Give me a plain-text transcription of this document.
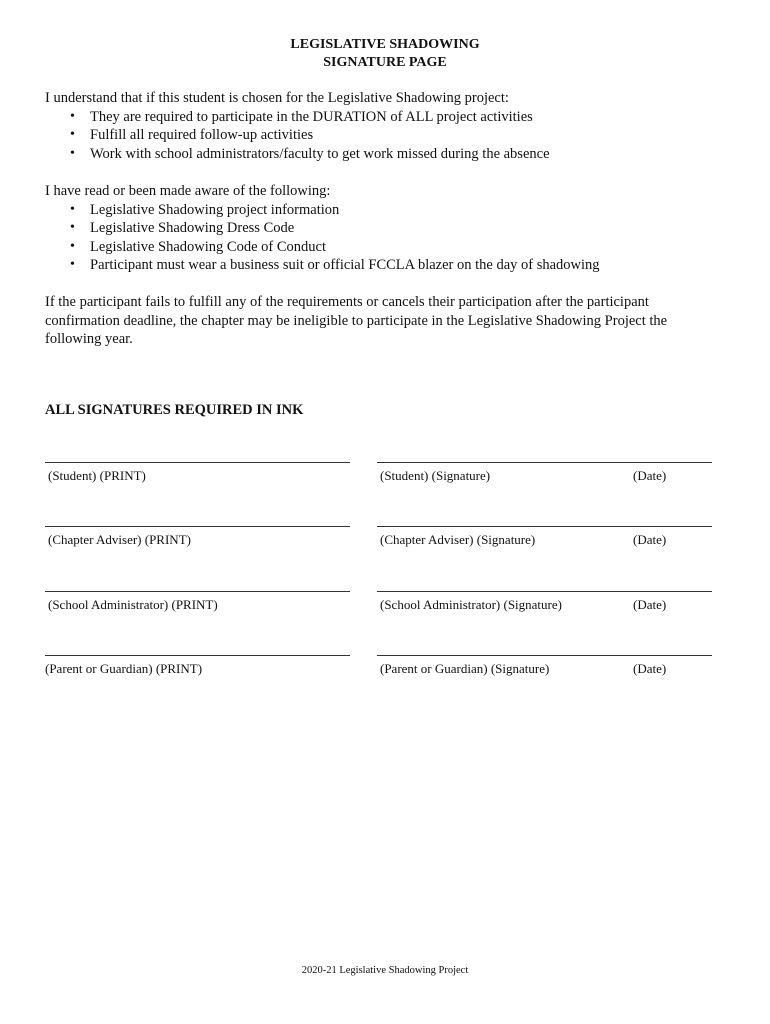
LEGISLATIVE SHADOWING
SIGNATURE PAGE

I understand that if this student is chosen for the Legislative Shadowing project:

• They are required to participate in the DURATION of ALL project activities
• Fulfill all required follow-up activities
• Work with school administrators/faculty to get work missed during the absence

I have read or been made aware of the following:

• Legislative Shadowing project information
• Legislative Shadowing Dress Code
• Legislative Shadowing Code of Conduct
• Participant must wear a business suit or official FCCLA blazer on the day of shadowing

If the participant fails to fulfill any of the requirements or cancels their participation after the participant confirmation deadline, the chapter may be ineligible to participate in the Legislative Shadowing Project the following year.

ALL SIGNATURES REQUIRED IN INK
(Student) (PRINT)	(Student) (Signature)	(Date)
(Chapter Adviser) (PRINT)	(Chapter Adviser) (Signature)	(Date)
(School Administrator) (PRINT)	(School Administrator) (Signature)	(Date)
(Parent or Guardian) (PRINT)	(Parent or Guardian) (Signature)	(Date)
2020-21 Legislative Shadowing Project
